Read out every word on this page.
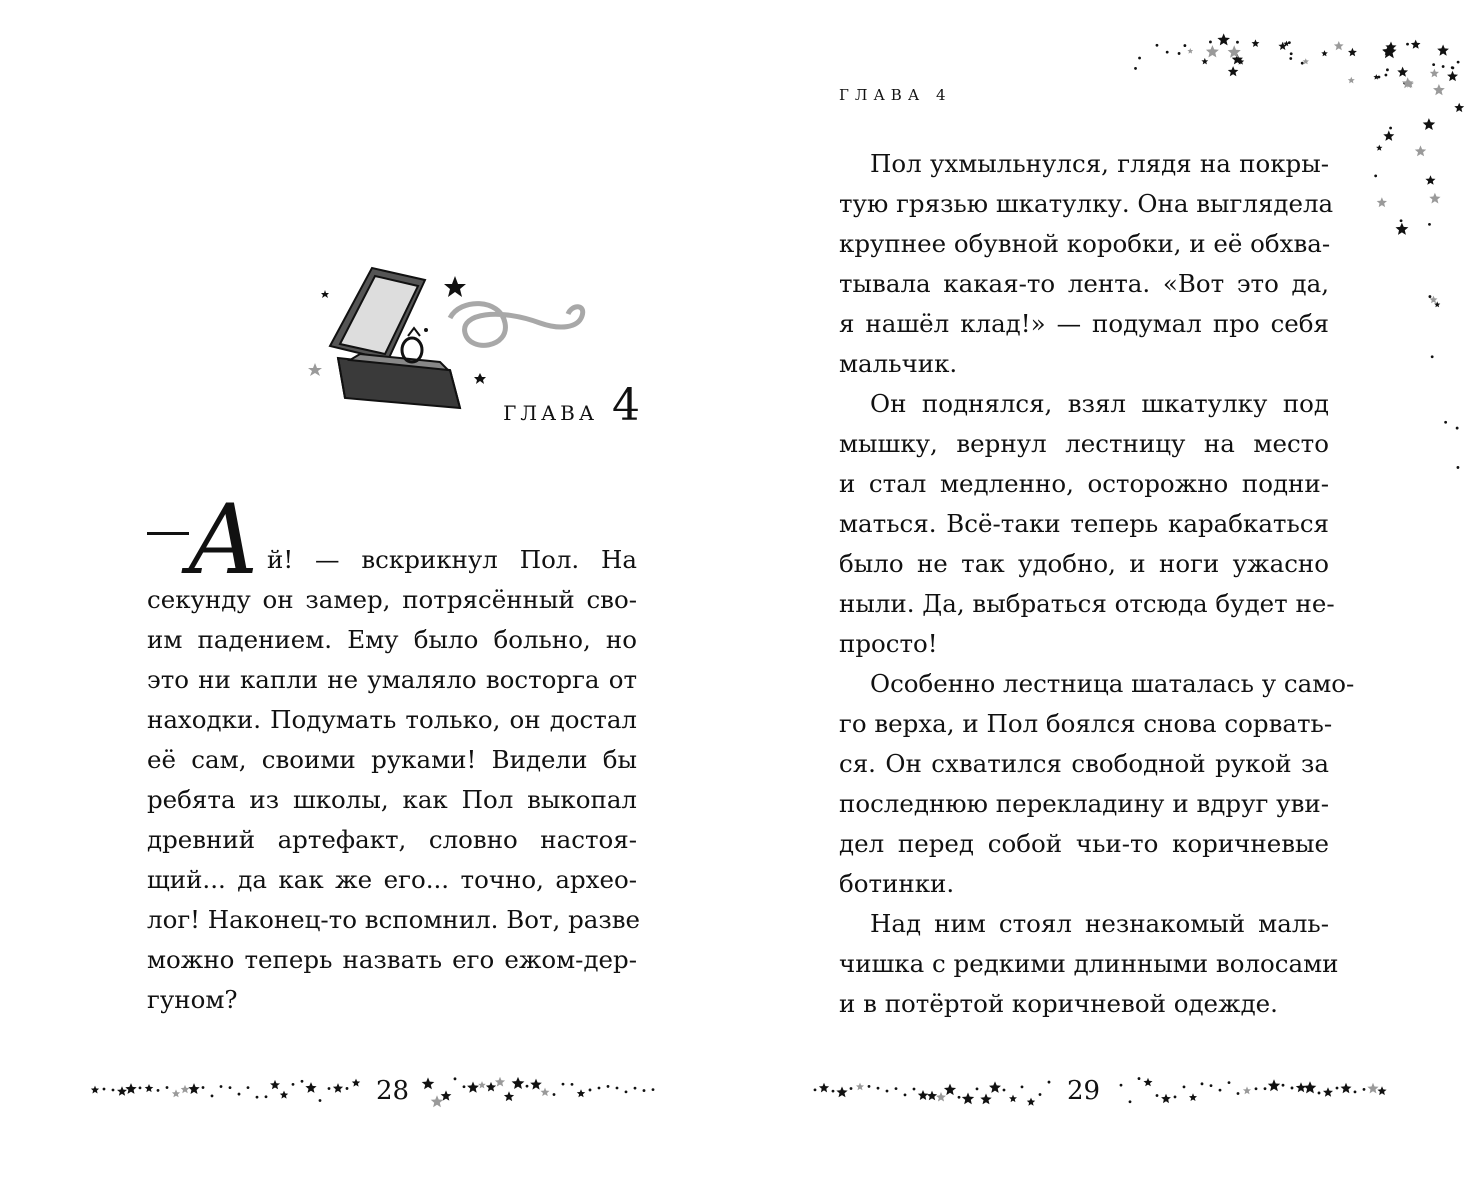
ГЛАВА 4
А й! — вскрикнул Пол. На
секунду он замер, потрясённый сво-
им падением. Ему было больно, но
это ни капли не умаляло восторга от
находки. Подумать только, он достал
её сам, своими руками! Видели бы
ребята из школы, как Пол выкопал
древний артефакт, словно настоя-
щий... да как же его... точно, архео-
лог! Наконец-то вспомнил. Вот, разве
можно теперь назвать его ежом-дер-
гуном?
28
ГЛАВА 4
Пол ухмыльнулся, глядя на покры-
тую грязью шкатулку. Она выглядела
крупнее обувной коробки, и её обхва-
тывала какая-то лента. «Вот это да,
я нашёл клад!» — подумал про себя
мальчик.
Он поднялся, взял шкатулку под
мышку, вернул лестницу на место
и стал медленно, осторожно подни-
маться. Всё-таки теперь карабкаться
было не так удобно, и ноги ужасно
ныли. Да, выбраться отсюда будет не-
просто!
Особенно лестница шаталась у само-
го верха, и Пол боялся снова сорвать-
ся. Он схватился свободной рукой за
последнюю перекладину и вдруг уви-
дел перед собой чьи-то коричневые
ботинки.
Над ним стоял незнакомый маль-
чишка с редкими длинными волосами
и в потёртой коричневой одежде.
29
